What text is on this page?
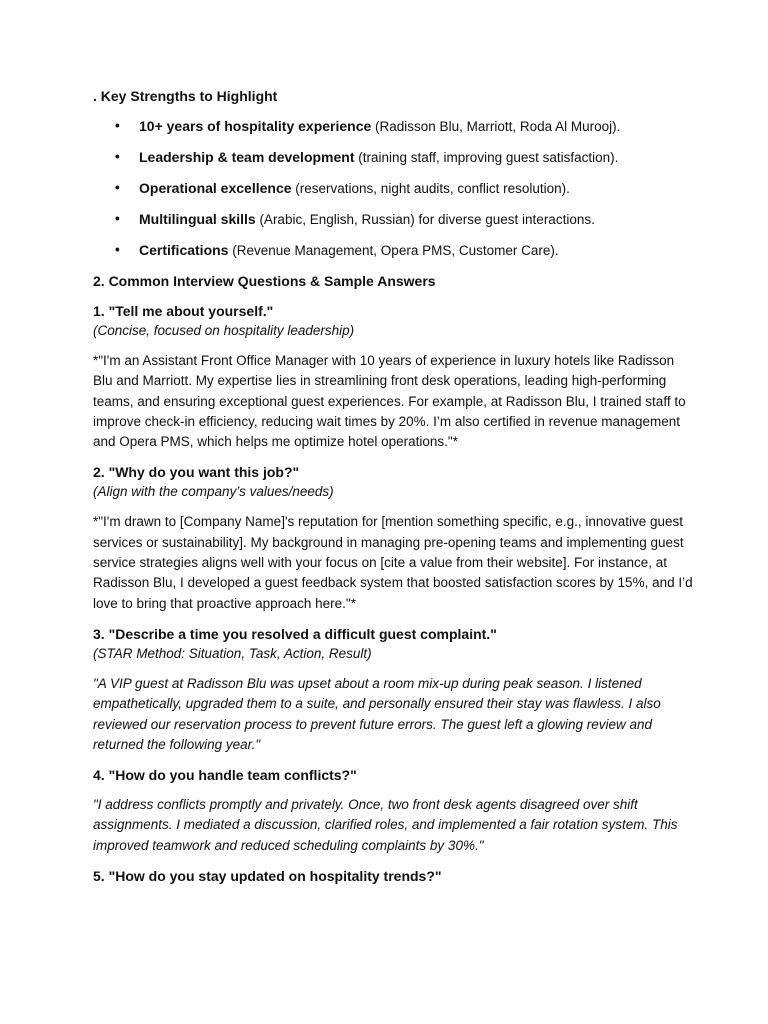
. Key Strengths to Highlight

• 10+ years of hospitality experience (Radisson Blu, Marriott, Roda Al Murooj).
• Leadership & team development (training staff, improving guest satisfaction).
• Operational excellence (reservations, night audits, conflict resolution).
• Multilingual skills (Arabic, English, Russian) for diverse guest interactions.
• Certifications (Revenue Management, Opera PMS, Customer Care).

2. Common Interview Questions & Sample Answers

1. "Tell me about yourself."

(Concise, focused on hospitality leadership)

*"I'm an Assistant Front Office Manager with 10 years of experience in luxury hotels like Radisson Blu and Marriott. My expertise lies in streamlining front desk operations, leading high-performing teams, and ensuring exceptional guest experiences. For example, at Radisson Blu, I trained staff to improve check-in efficiency, reducing wait times by 20%. I’m also certified in revenue management and Opera PMS, which helps me optimize hotel operations."*

2. "Why do you want this job?"

(Align with the company’s values/needs)

*"I'm drawn to [Company Name]'s reputation for [mention something specific, e.g., innovative guest services or sustainability]. My background in managing pre-opening teams and implementing guest service strategies aligns well with your focus on [cite a value from their website]. For instance, at Radisson Blu, I developed a guest feedback system that boosted satisfaction scores by 15%, and I’d love to bring that proactive approach here."*

3. "Describe a time you resolved a difficult guest complaint."

(STAR Method: Situation, Task, Action, Result)

"A VIP guest at Radisson Blu was upset about a room mix-up during peak season. I listened empathetically, upgraded them to a suite, and personally ensured their stay was flawless. I also reviewed our reservation process to prevent future errors. The guest left a glowing review and returned the following year."

4. "How do you handle team conflicts?"

"I address conflicts promptly and privately. Once, two front desk agents disagreed over shift assignments. I mediated a discussion, clarified roles, and implemented a fair rotation system. This improved teamwork and reduced scheduling complaints by 30%."

5. "How do you stay updated on hospitality trends?"
